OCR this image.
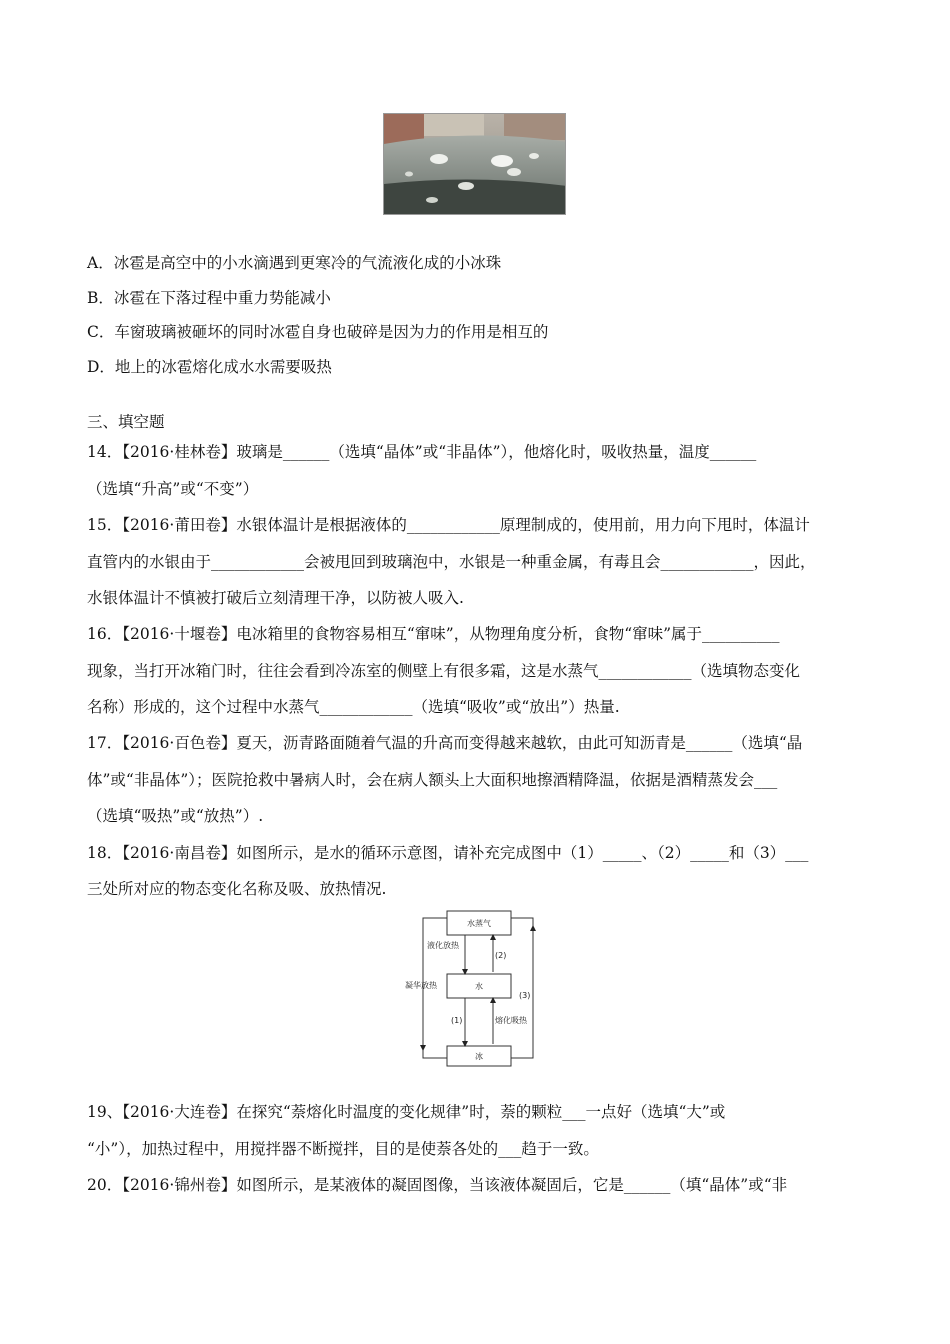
A．冰雹是高空中的小水滴遇到更寒冷的气流液化成的小冰珠
B．冰雹在下落过程中重力势能减小
C．车窗玻璃被砸坏的同时冰雹自身也破碎是因为力的作用是相互的
D．地上的冰雹熔化成水水需要吸热
三、填空题
14．【2016·桂林卷】玻璃是______（选填“晶体”或“非晶体”），他熔化时，吸收热量，温度______
（选填“升高”或“不变”）
15．【2016·莆田卷】水银体温计是根据液体的____________原理制成的，使用前，用力向下甩时，体温计
直管内的水银由于____________会被甩回到玻璃泡中，水银是一种重金属，有毒且会____________，因此，
水银体温计不慎被打破后立刻清理干净，以防被人吸入.
16．【2016·十堰卷】电冰箱里的食物容易相互“窜味”，从物理角度分析，食物“窜味”属于__________
现象，当打开冰箱门时，往往会看到冷冻室的侧壁上有很多霜，这是水蒸气____________（选填物态变化
名称）形成的，这个过程中水蒸气____________（选填“吸收”或“放出”）热量.
17．【2016·百色卷】夏天，沥青路面随着气温的升高而变得越来越软，由此可知沥青是______（选填“晶
体”或“非晶体”）；医院抢救中暑病人时，会在病人额头上大面积地擦酒精降温，依据是酒精蒸发会___
（选填“吸热”或“放热”）.
18．【2016·南昌卷】如图所示，是水的循环示意图，请补充完成图中（1）_____、（2）_____和（3）___
三处所对应的物态变化名称及吸、放热情况.
水蒸气
水
冰
液化放热
凝华放热
熔化吸热
(2)
(1)
(3)
19、【2016·大连卷】在探究“萘熔化时温度的变化规律”时，萘的颗粒___一点好（选填“大”或
“小”），加热过程中，用搅拌器不断搅拌，目的是使萘各处的___趋于一致。
20．【2016·锦州卷】如图所示，是某液体的凝固图像，当该液体凝固后，它是______（填“晶体”或“非
